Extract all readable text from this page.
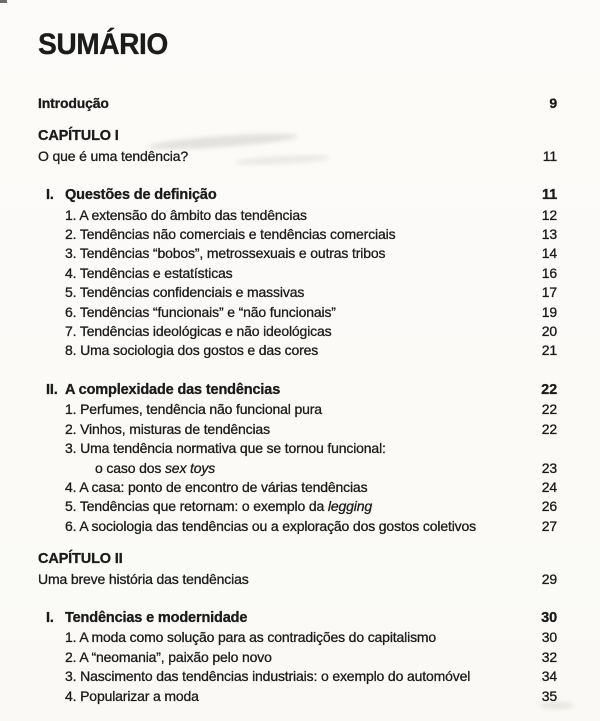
SUMÁRIO
Introdução	9
CAPÍTULO I
O que é uma tendência?	11
I. Questões de definição	11
1. A extensão do âmbito das tendências	12
2. Tendências não comerciais e tendências comerciais	13
3. Tendências “bobos”, metrossexuais e outras tribos	14
4. Tendências e estatísticas	16
5. Tendências confidenciais e massivas	17
6. Tendências “funcionais” e “não funcionais”	19
7. Tendências ideológicas e não ideológicas	20
8. Uma sociologia dos gostos e das cores	21
II. A complexidade das tendências	22
1. Perfumes, tendência não funcional pura	22
2. Vinhos, misturas de tendências	22
3. Uma tendência normativa que se tornou funcional:
o caso dos sex toys	23
4. A casa: ponto de encontro de várias tendências	24
5. Tendências que retornam: o exemplo da legging	26
6. A sociologia das tendências ou a exploração dos gostos coletivos	27
CAPÍTULO II
Uma breve história das tendências	29
I. Tendências e modernidade	30
1. A moda como solução para as contradições do capitalismo	30
2. A “neomania”, paixão pelo novo	32
3. Nascimento das tendências industriais: o exemplo do automóvel	34
4. Popularizar a moda	35
